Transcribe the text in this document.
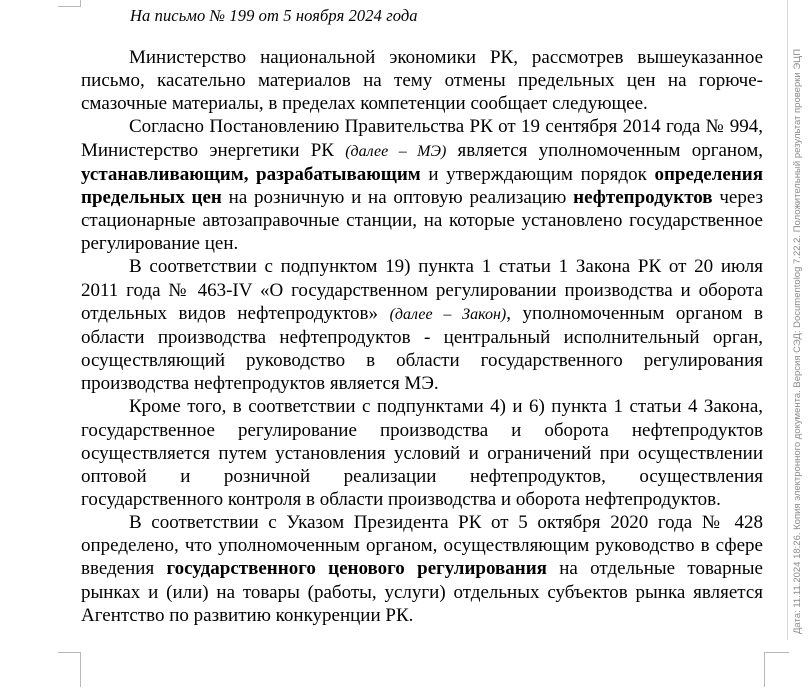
На письмо № 199 от 5 ноября 2024 года

Министерство национальной экономики РК, рассмотрев вышеуказанное письмо, касательно материалов на тему отмены предельных цен на горюче-смазочные материалы, в пределах компетенции сообщает следующее.

Согласно Постановлению Правительства РК от 19 сентября 2014 года № 994, Министерство энергетики РК (далее – МЭ) является уполномоченным органом, устанавливающим, разрабатывающим и утверждающим порядок определения предельных цен на розничную и на оптовую реализацию нефтепродуктов через стационарные автозаправочные станции, на которые установлено государственное регулирование цен.

В соответствии с подпунктом 19) пункта 1 статьи 1 Закона РК от 20 июля 2011 года № 463-IV «О государственном регулировании производства и оборота отдельных видов нефтепродуктов» (далее – Закон), уполномоченным органом в области производства нефтепродуктов - центральный исполнительный орган, осуществляющий руководство в области государственного регулирования производства нефтепродуктов является МЭ.

Кроме того, в соответствии с подпунктами 4) и 6) пункта 1 статьи 4 Закона, государственное регулирование производства и оборота нефтепродуктов осуществляется путем установления условий и ограничений при осуществлении оптовой и розничной реализации нефтепродуктов, осуществления государственного контроля в области производства и оборота нефтепродуктов.

В соответствии с Указом Президента РК от 5 октября 2020 года № 428 определено, что уполномоченным органом, осуществляющим руководство в сфере введения государственного ценового регулирования на отдельные товарные рынках и (или) на товары (работы, услуги) отдельных субъектов рынка является Агентство по развитию конкуренции РК.	Дата: 11.11.2024 18:26. Копия электронного документа. Версия СЭД: Documentolog 7.22.2. Положительный результат проверки ЭЦП
